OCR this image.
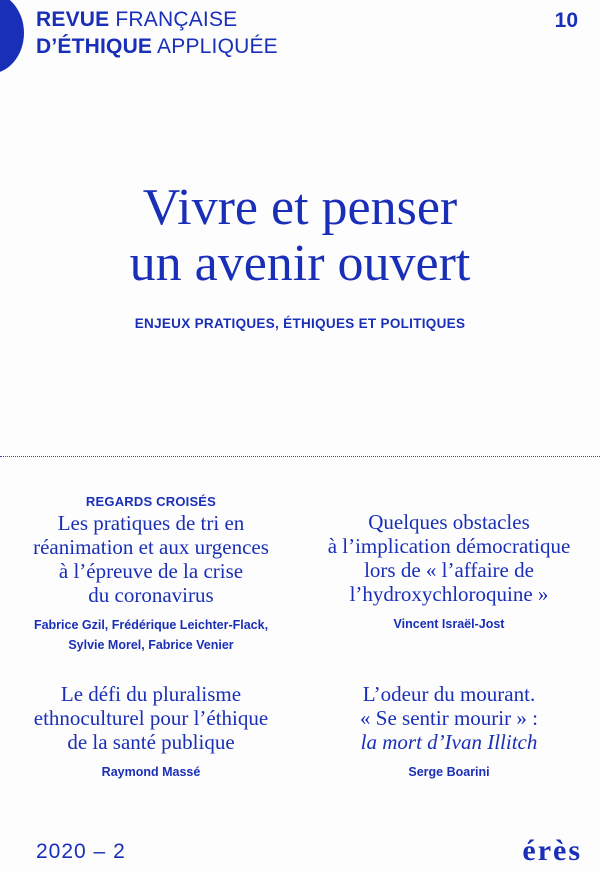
REVUE FRANÇAISE
D’ÉTHIQUE APPLIQUÉE
10
Vivre et penser
un avenir ouvert
ENJEUX PRATIQUES, ÉTHIQUES ET POLITIQUES
REGARDS CROISÉS
Les pratiques de tri en
réanimation et aux urgences
à l’épreuve de la crise
du coronavirus
Fabrice Gzil, Frédérique Leichter-Flack,
Sylvie Morel, Fabrice Venier
Quelques obstacles
à l’implication démocratique
lors de « l’affaire de
l’hydroxychloroquine »
Vincent Israël-Jost
Le défi du pluralisme
ethnoculturel pour l’éthique
de la santé publique
Raymond Massé
L’odeur du mourant.
« Se sentir mourir » :
la mort d’Ivan Illitch
Serge Boarini
2020 – 2	érès
